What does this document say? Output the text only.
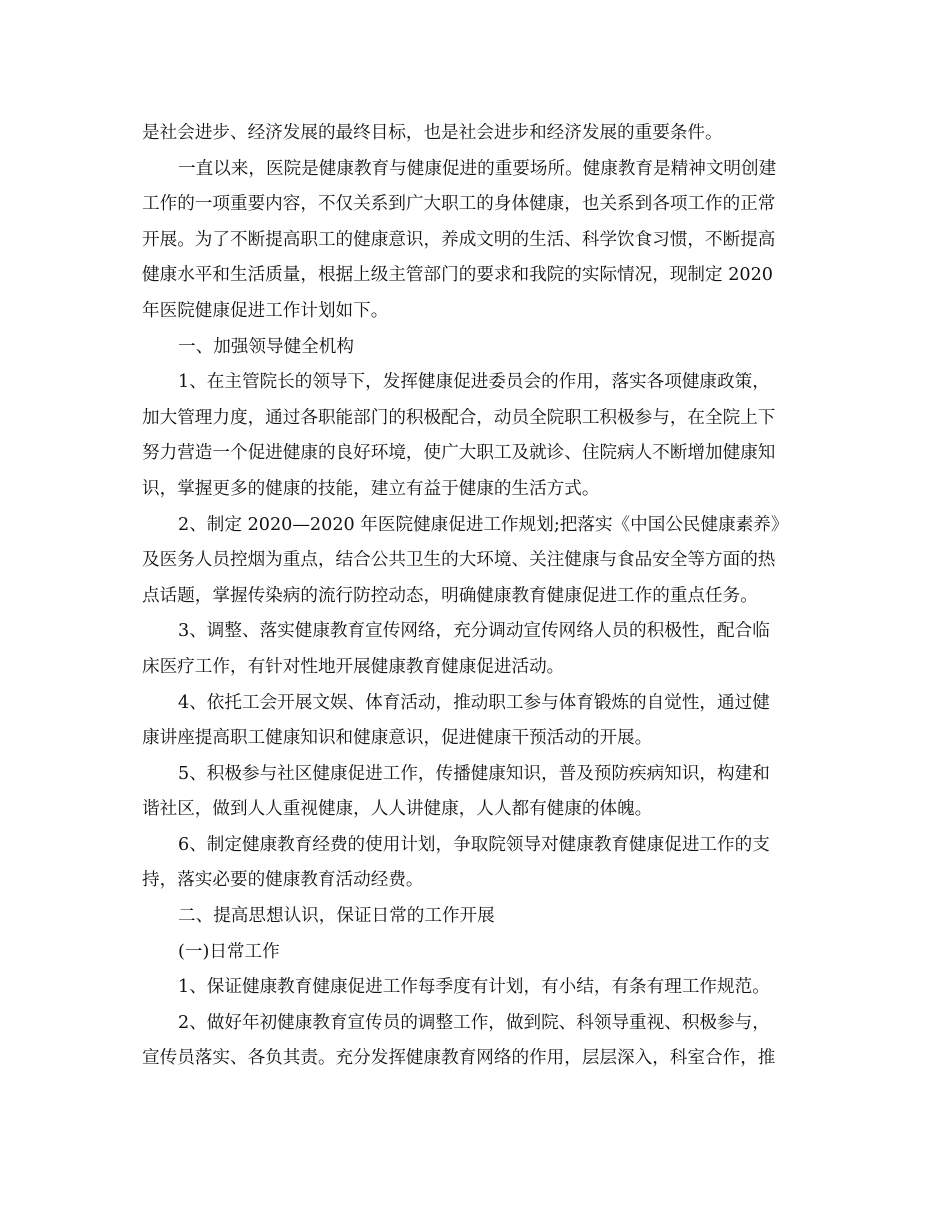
是社会进步、经济发展的最终目标，也是社会进步和经济发展的重要条件。
一直以来，医院是健康教育与健康促进的重要场所。健康教育是精神文明创建
工作的一项重要内容，不仅关系到广大职工的身体健康，也关系到各项工作的正常
开展。为了不断提高职工的健康意识，养成文明的生活、科学饮食习惯，不断提高
健康水平和生活质量，根据上级主管部门的要求和我院的实际情况，现制定 2020
年医院健康促进工作计划如下。
一、加强领导健全机构
1、在主管院长的领导下，发挥健康促进委员会的作用，落实各项健康政策，
加大管理力度，通过各职能部门的积极配合，动员全院职工积极参与，在全院上下
努力营造一个促进健康的良好环境，使广大职工及就诊、住院病人不断增加健康知
识，掌握更多的健康的技能，建立有益于健康的生活方式。
2、制定 2020—2020 年医院健康促进工作规划;把落实《中国公民健康素养》
及医务人员控烟为重点，结合公共卫生的大环境、关注健康与食品安全等方面的热
点话题，掌握传染病的流行防控动态，明确健康教育健康促进工作的重点任务。
3、调整、落实健康教育宣传网络，充分调动宣传网络人员的积极性，配合临
床医疗工作，有针对性地开展健康教育健康促进活动。
4、依托工会开展文娱、体育活动，推动职工参与体育锻炼的自觉性，通过健
康讲座提高职工健康知识和健康意识，促进健康干预活动的开展。
5、积极参与社区健康促进工作，传播健康知识，普及预防疾病知识，构建和
谐社区，做到人人重视健康，人人讲健康，人人都有健康的体魄。
6、制定健康教育经费的使用计划，争取院领导对健康教育健康促进工作的支
持，落实必要的健康教育活动经费。
二、提高思想认识，保证日常的工作开展
(一)日常工作
1、保证健康教育健康促进工作每季度有计划，有小结，有条有理工作规范。
2、做好年初健康教育宣传员的调整工作，做到院、科领导重视、积极参与，
宣传员落实、各负其责。充分发挥健康教育网络的作用，层层深入，科室合作，推
